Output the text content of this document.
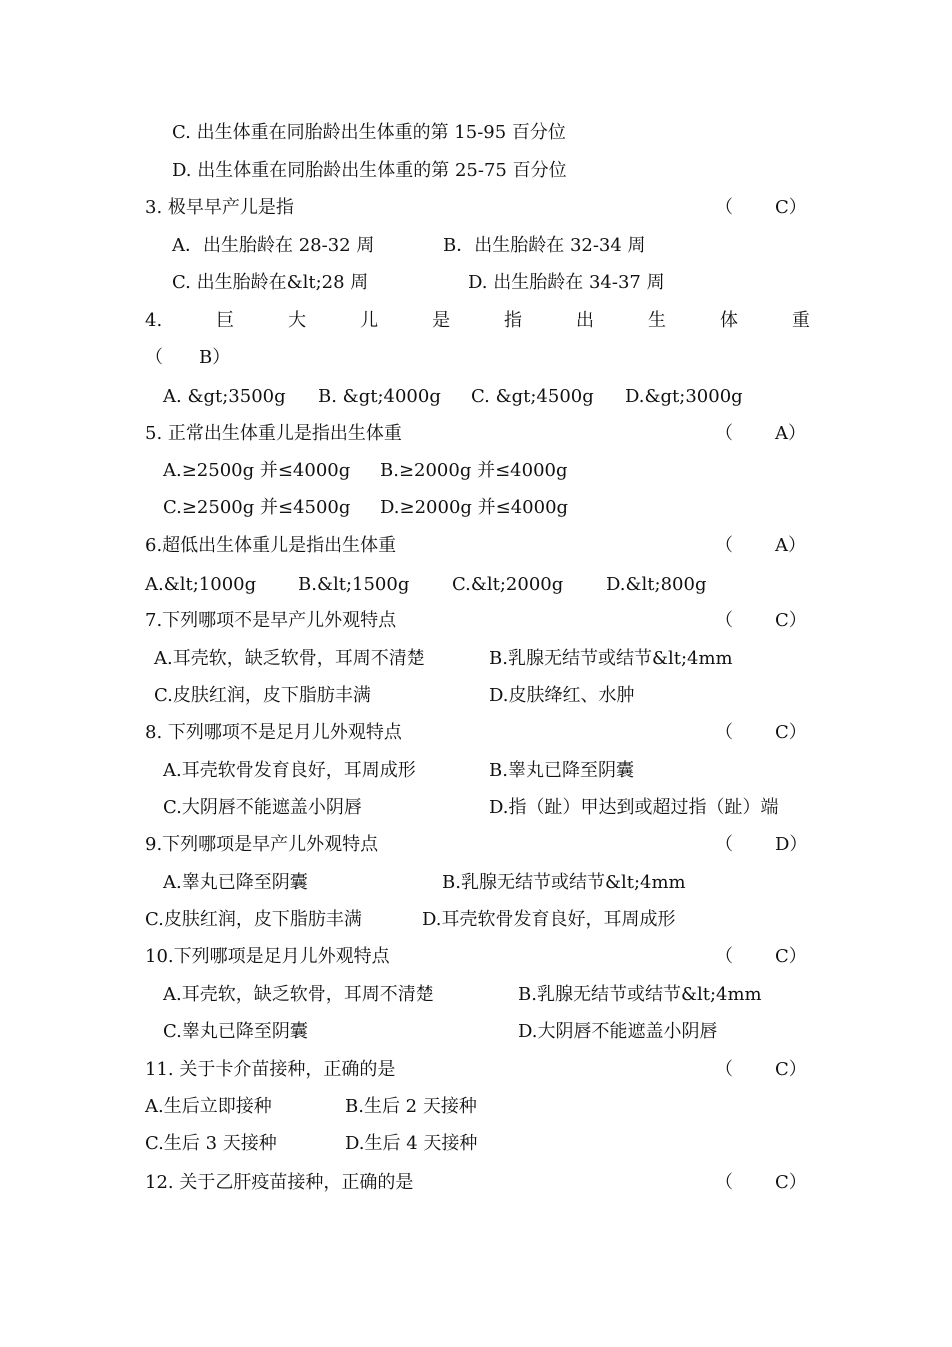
C. 出生体重在同胎龄出生体重的第 15-95 百分位
D. 出生体重在同胎龄出生体重的第 25-75 百分位
3. 极早早产儿是指	（ C）
A．出生胎龄在 28-32 周	B．出生胎龄在 32-34 周
C. 出生胎龄在&lt;28 周	D. 出生胎龄在 34-37 周
4.	巨	大	儿	是	指	出	生	体	重
（　　B）
A. &gt;3500g B. &gt;4000g C. &gt;4500g D.&gt;3000g
5. 正常出生体重儿是指出生体重	（ A）
A.≥2500g 并≤4000g B.≥2000g 并≤4000g
C.≥2500g 并≤4500g D.≥2000g 并≤4000g
6.超低出生体重儿是指出生体重	（ A）
A.&lt;1000g B.&lt;1500g C.&lt;2000g D.&lt;800g
7.下列哪项不是早产儿外观特点	（ C）
A.耳壳软，缺乏软骨，耳周不清楚	B.乳腺无结节或结节&lt;4mm
C.皮肤红润，皮下脂肪丰满	D.皮肤绛红、水肿
8. 下列哪项不是足月儿外观特点	（ C）
A.耳壳软骨发育良好，耳周成形	B.睾丸已降至阴囊
C.大阴唇不能遮盖小阴唇	D.指（趾）甲达到或超过指（趾）端
9.下列哪项是早产儿外观特点	（ D）
A.睾丸已降至阴囊	B.乳腺无结节或结节&lt;4mm
C.皮肤红润，皮下脂肪丰满	D.耳壳软骨发育良好，耳周成形
10.下列哪项是足月儿外观特点	（ C）
A.耳壳软，缺乏软骨，耳周不清楚	B.乳腺无结节或结节&lt;4mm
C.睾丸已降至阴囊	D.大阴唇不能遮盖小阴唇
11. 关于卡介苗接种，正确的是	（ C）
A.生后立即接种	B.生后 2 天接种
C.生后 3 天接种	D.生后 4 天接种
12. 关于乙肝疫苗接种，正确的是	（ C）
